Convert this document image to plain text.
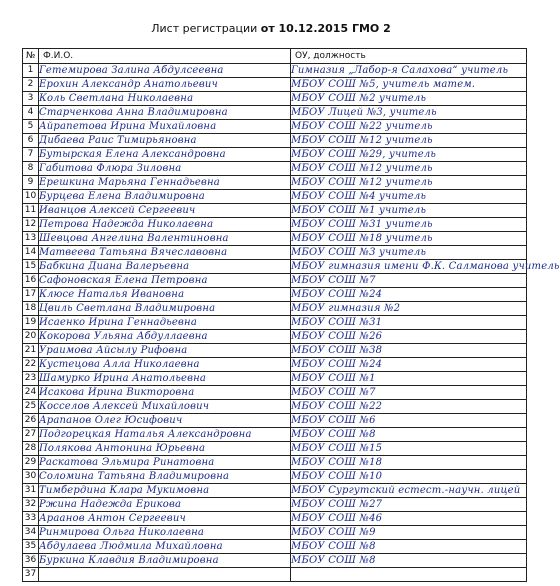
Лист регистрации от 10.12.2015 ГМО 2
№	Ф.И.О.	ОУ, должность
1	Гетемирова Залина Абдулсеевна	Гимназия „Лабор-я Салахова“ учитель
2	Ерохин Александр Анатольевич	МБОУ СОШ №5, учитель матем.
3	Коль Светлана Николаевна	МБОУ СОШ №2 учитель
4	Старченкова Анна Владимировна	МБОУ Лицей №3, учитель
5	Айрапетова Ирина Михайловна	МБОУ СОШ №22 учитель
6	Дибаева Раис Тимирьяновна	МБОУ СОШ №12 учитель
7	Бутырская Елена Александровна	МБОУ СОШ №29, учитель
8	Габитова Флюра Зиловна	МБОУ СОШ №12 учитель
9	Ерешкина Марьяна Геннадьевна	МБОУ СОШ №12 учитель
10	Бурцева Елена Владимировна	МБОУ СОШ №4 учитель
11	Иванцов Алексей Сергеевич	МБОУ СОШ №1 учитель
12	Петрова Надежда Николаевна	МБОУ СОШ №31 учитель
13	Шевцова Ангелина Валентиновна	МБОУ СОШ №18 учитель
14	Матвеева Татьяна Вячеславовна	МБОУ СОШ №3 учитель
15	Бабкина Диана Валерьевна	МБОУ гимназия имени Ф.К. Салманова учитель
16	Сафоновская Елена Петровна	МБОУ СОШ №7
17	Клюсе Наталья Ивановна	МБОУ СОШ №24
18	Цвиль Светлана Владимировна	МБОУ гимназия №2
19	Исаенко Ирина Геннадьевна	МБОУ СОШ №31
20	Кокорова Ульяна Абдуллаевна	МБОУ СОШ №26
21	Ураимова Айсылу Рифовна	МБОУ СОШ №38
22	Кустецова Алла Николаевна	МБОУ СОШ №24
23	Шамурко Ирина Анатольевна	МБОУ СОШ №1
24	Исакова Ирина Викторовна	МБОУ СОШ №7
25	Косселов Алексей Михайлович	МБОУ СОШ №22
26	Арапанов Олег Юсифович	МБОУ СОШ №6
27	Подгорецкая Наталья Александровна	МБОУ СОШ №8
28	Полякова Антонина Юрьевна	МБОУ СОШ №15
29	Раскатова Эльмира Ринатовна	МБОУ СОШ №18
30	Соломина Татьяна Владимировна	МБОУ СОШ №10
31	Тимбердина Клара Мукимовна	МБОУ Сургутский естест.-научн. лицей
32	Ржина Надежда Ерикова	МБОУ СОШ №27
33	Араанов Антон Сергеевич	МБОУ СОШ №46
34	Ринмирова Ольга Николаевна	МБОУ СОШ №9
35	Абдулаева Людмила Михайловна	МБОУ СОШ №8
36	Буркина Клавдия Владимировна	МБОУ СОШ №8
37		
